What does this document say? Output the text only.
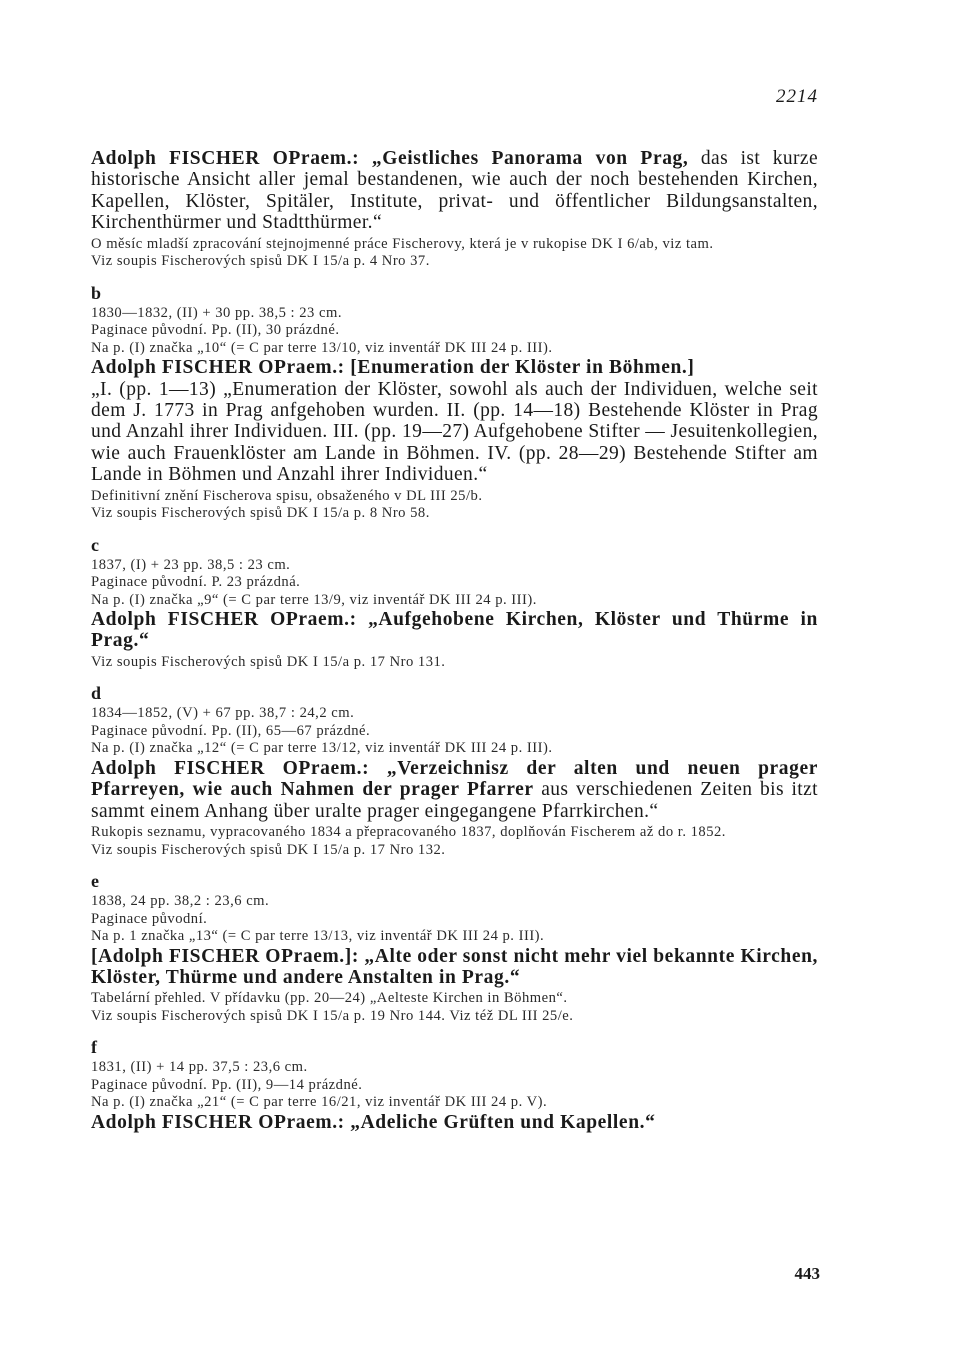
2214

Adolph FISCHER OPraem.: „Geistliches Panorama von Prag, das ist kurze historische Ansicht aller jemal bestandenen, wie auch der noch bestehenden Kirchen, Kapellen, Klöster, Spitäler, Institute, privat- und öffentlicher Bildungsanstalten, Kirchenthürmer und Stadtthürmer.“

O měsíc mladší zpracování stejnojmenné práce Fischerovy, která je v rukopise DK I 6/ab, viz tam.

Viz soupis Fischerových spisů DK I 15/a p. 4 Nro 37.

b

1830—1832, (II) + 30 pp. 38,5 : 23 cm.

Paginace původní. Pp. (II), 30 prázdné.

Na p. (I) značka „10“ (= C par terre 13/10, viz inventář DK III 24 p. III).

Adolph FISCHER OPraem.: [Enumeration der Klöster in Böhmen.]
„I. (pp. 1—13) „Enumeration der Klöster, sowohl als auch der Individuen, welche seit dem J. 1773 in Prag anfgehoben wurden. II. (pp. 14—18) Bestehende Klöster in Prag und Anzahl ihrer Individuen. III. (pp. 19—27) Aufgehobene Stifter — Jesuitenkollegien, wie auch Frauenklöster am Lande in Böhmen. IV. (pp. 28—29) Bestehende Stifter am Lande in Böhmen und Anzahl ihrer Individuen.“

Definitivní znění Fischerova spisu, obsaženého v DL III 25/b.

Viz soupis Fischerových spisů DK I 15/a p. 8 Nro 58.

c

1837, (I) + 23 pp. 38,5 : 23 cm.

Paginace původní. P. 23 prázdná.

Na p. (I) značka „9“ (= C par terre 13/9, viz inventář DK III 24 p. III).

Adolph FISCHER OPraem.: „Aufgehobene Kirchen, Klöster und Thürme in Prag.“

Viz soupis Fischerových spisů DK I 15/a p. 17 Nro 131.

d

1834—1852, (V) + 67 pp. 38,7 : 24,2 cm.

Paginace původní. Pp. (II), 65—67 prázdné.

Na p. (I) značka „12“ (= C par terre 13/12, viz inventář DK III 24 p. III).

Adolph FISCHER OPraem.: „Verzeichnisz der alten und neuen prager Pfarreyen, wie auch Nahmen der prager Pfarrer aus verschiedenen Zeiten bis itzt sammt einem Anhang über uralte prager eingegangene Pfarrkirchen.“

Rukopis seznamu, vypracovaného 1834 a přepracovaného 1837, doplňován Fischerem až do r. 1852.

Viz soupis Fischerových spisů DK I 15/a p. 17 Nro 132.

e

1838, 24 pp. 38,2 : 23,6 cm.

Paginace původní.

Na p. 1 značka „13“ (= C par terre 13/13, viz inventář DK III 24 p. III).

[Adolph FISCHER OPraem.]: „Alte oder sonst nicht mehr viel bekannte Kirchen, Klöster, Thürme und andere Anstalten in Prag.“

Tabelární přehled. V přídavku (pp. 20—24) „Aelteste Kirchen in Böhmen“.

Viz soupis Fischerových spisů DK I 15/a p. 19 Nro 144. Viz též DL III 25/e.

f

1831, (II) + 14 pp. 37,5 : 23,6 cm.

Paginace původní. Pp. (II), 9—14 prázdné.

Na p. (I) značka „21“ (= C par terre 16/21, viz inventář DK III 24 p. V).

Adolph FISCHER OPraem.: „Adeliche Grüften und Kapellen.“

443
